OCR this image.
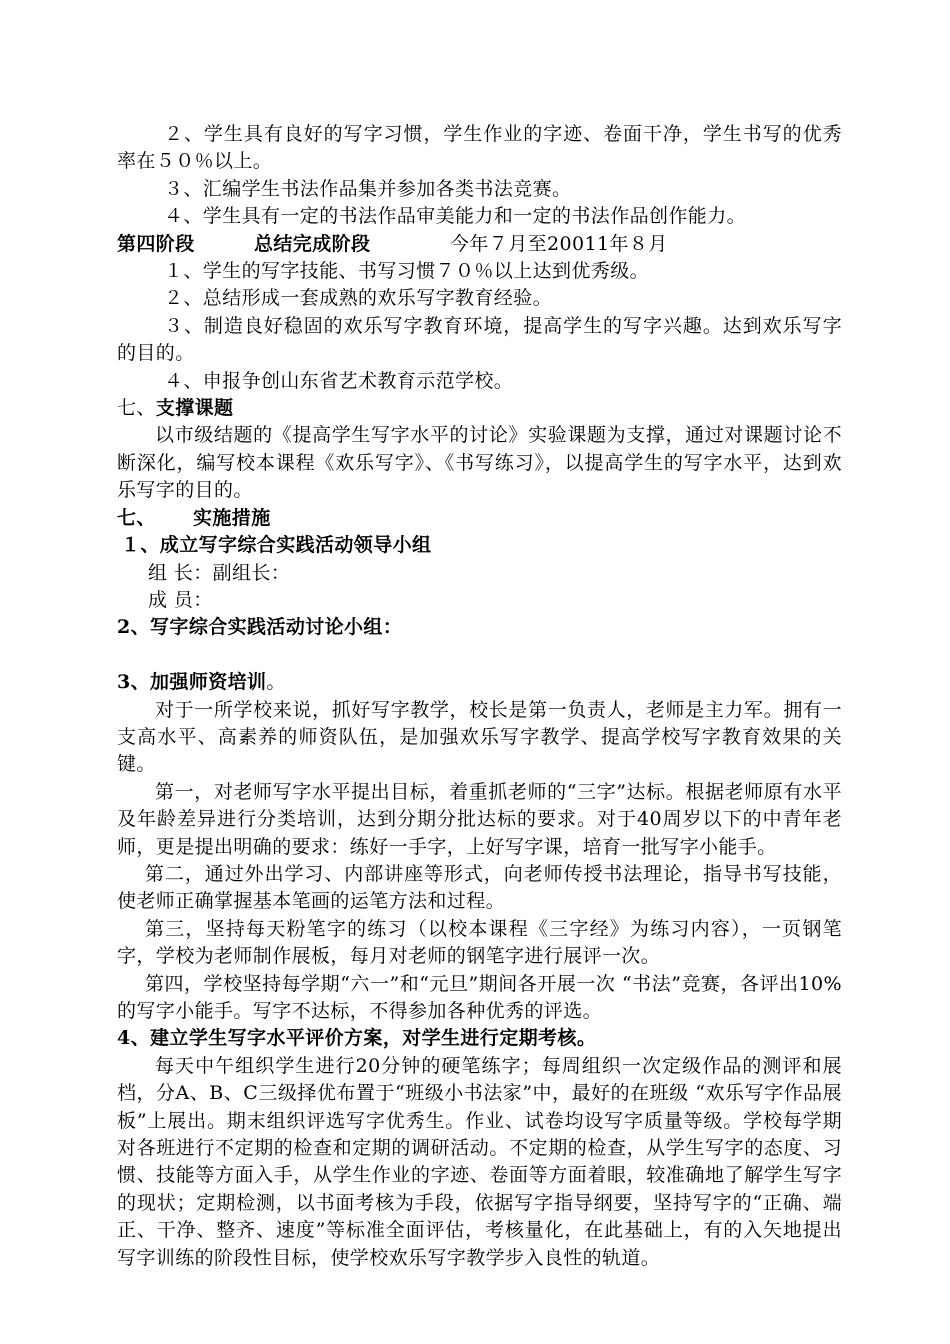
２、学生具有良好的写字习惯，学生作业的字迹、卷面干净，学生书写的优秀率在５０％以上。

３、汇编学生书法作品集并参加各类书法竞赛。

４、学生具有一定的书法作品审美能力和一定的书法作品创作能力。

第四阶段	总结完成阶段	今年７月至20011年８月

１、学生的写字技能、书写习惯７０％以上达到优秀级。

２、总结形成一套成熟的欢乐写字教育经验。

３、制造良好稳固的欢乐写字教育环境，提高学生的写字兴趣。达到欢乐写字的目的。

４、申报争创山东省艺术教育示范学校。

七、支撑课题

以市级结题的《提高学生写字水平的讨论》实验课题为支撑，通过对课题讨论不断深化，编写校本课程《欢乐写字》、《书写练习》，以提高学生的写字水平，达到欢乐写字的目的。

七、 实施措施

１、成立写字综合实践活动领导小组

组 长：副组长：

成 员：

2、写字综合实践活动讨论小组：

3、加强师资培训。

对于一所学校来说，抓好写字教学，校长是第一负责人，老师是主力军。拥有一支高水平、高素养的师资队伍，是加强欢乐写字教学、提高学校写字教育效果的关键。

第一，对老师写字水平提出目标，着重抓老师的“三字”达标。根据老师原有水平及年龄差异进行分类培训，达到分期分批达标的要求。对于40周岁以下的中青年老师，更是提出明确的要求：练好一手字，上好写字课，培育一批写字小能手。

第二，通过外出学习、内部讲座等形式，向老师传授书法理论，指导书写技能，使老师正确掌握基本笔画的运笔方法和过程。

第三，坚持每天粉笔字的练习（以校本课程《三字经》为练习内容），一页钢笔字，学校为老师制作展板，每月对老师的钢笔字进行展评一次。

第四，学校坚持每学期“六一”和“元旦”期间各开展一次 “书法”竞赛，各评出10%的写字小能手。写字不达标，不得参加各种优秀的评选。

4、建立学生写字水平评价方案，对学生进行定期考核。

每天中午组织学生进行20分钟的硬笔练字；每周组织一次定级作品的测评和展档，分A、B、C三级择优布置于“班级小书法家”中，最好的在班级 “欢乐写字作品展板”上展出。期末组织评选写字优秀生。作业、试卷均设写字质量等级。学校每学期对各班进行不定期的检查和定期的调研活动。不定期的检查，从学生写字的态度、习惯、技能等方面入手，从学生作业的字迹、卷面等方面着眼，较准确地了解学生写字的现状；定期检测，以书面考核为手段，依据写字指导纲要，坚持写字的“正确、端正、干净、整齐、速度”等标准全面评估，考核量化，在此基础上，有的入矢地提出写字训练的阶段性目标，使学校欢乐写字教学步入良性的轨道。
